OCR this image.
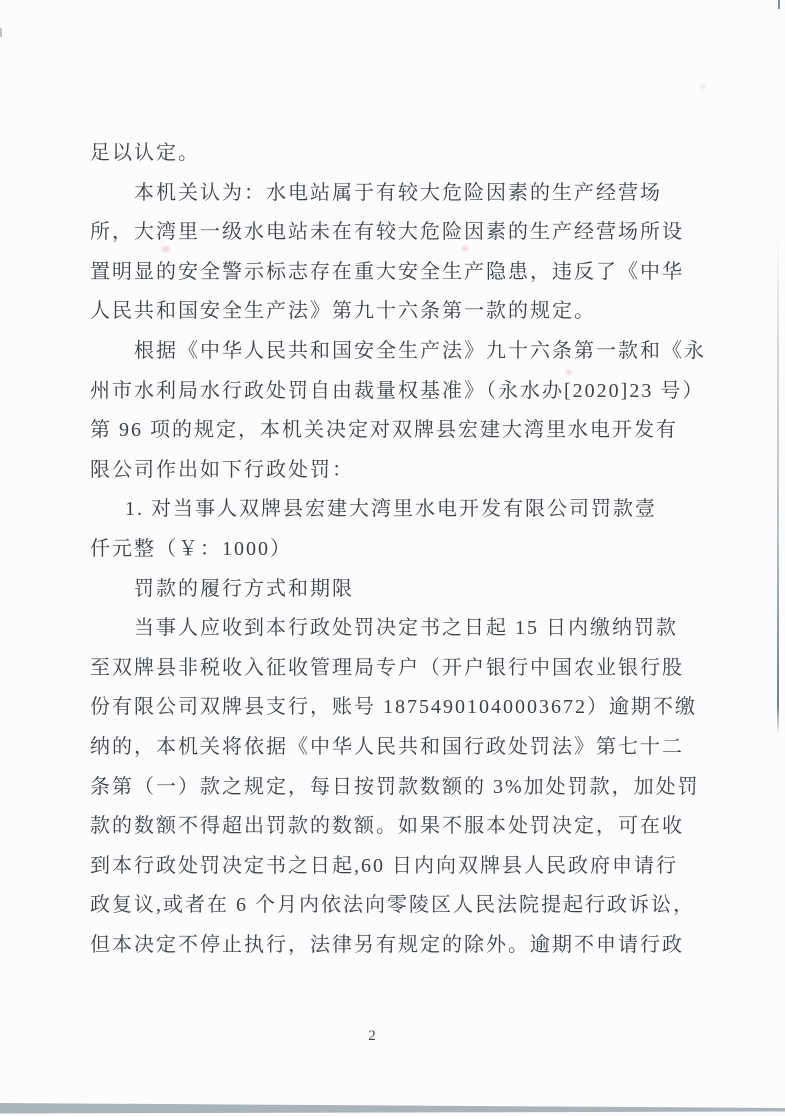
足以认定。
本机关认为：水电站属于有较大危险因素的生产经营场
所，大湾里一级水电站未在有较大危险因素的生产经营场所设
置明显的安全警示标志存在重大安全生产隐患，违反了《中华
人民共和国安全生产法》第九十六条第一款的规定。
根据《中华人民共和国安全生产法》九十六条第一款和《永
州市水利局水行政处罚自由裁量权基准》（永水办[2020]23 号）
第 96 项的规定，本机关决定对双牌县宏建大湾里水电开发有
限公司作出如下行政处罚：
1. 对当事人双牌县宏建大湾里水电开发有限公司罚款壹
仟元整（￥：1000）
罚款的履行方式和期限
当事人应收到本行政处罚决定书之日起 15 日内缴纳罚款
至双牌县非税收入征收管理局专户（开户银行中国农业银行股
份有限公司双牌县支行，账号 18754901040003672）逾期不缴
纳的，本机关将依据《中华人民共和国行政处罚法》第七十二
条第（一）款之规定，每日按罚款数额的 3%加处罚款，加处罚
款的数额不得超出罚款的数额。如果不服本处罚决定，可在收
到本行政处罚决定书之日起,60 日内向双牌县人民政府申请行
政复议,或者在 6 个月内依法向零陵区人民法院提起行政诉讼，
但本决定不停止执行，法律另有规定的除外。逾期不申请行政
2
